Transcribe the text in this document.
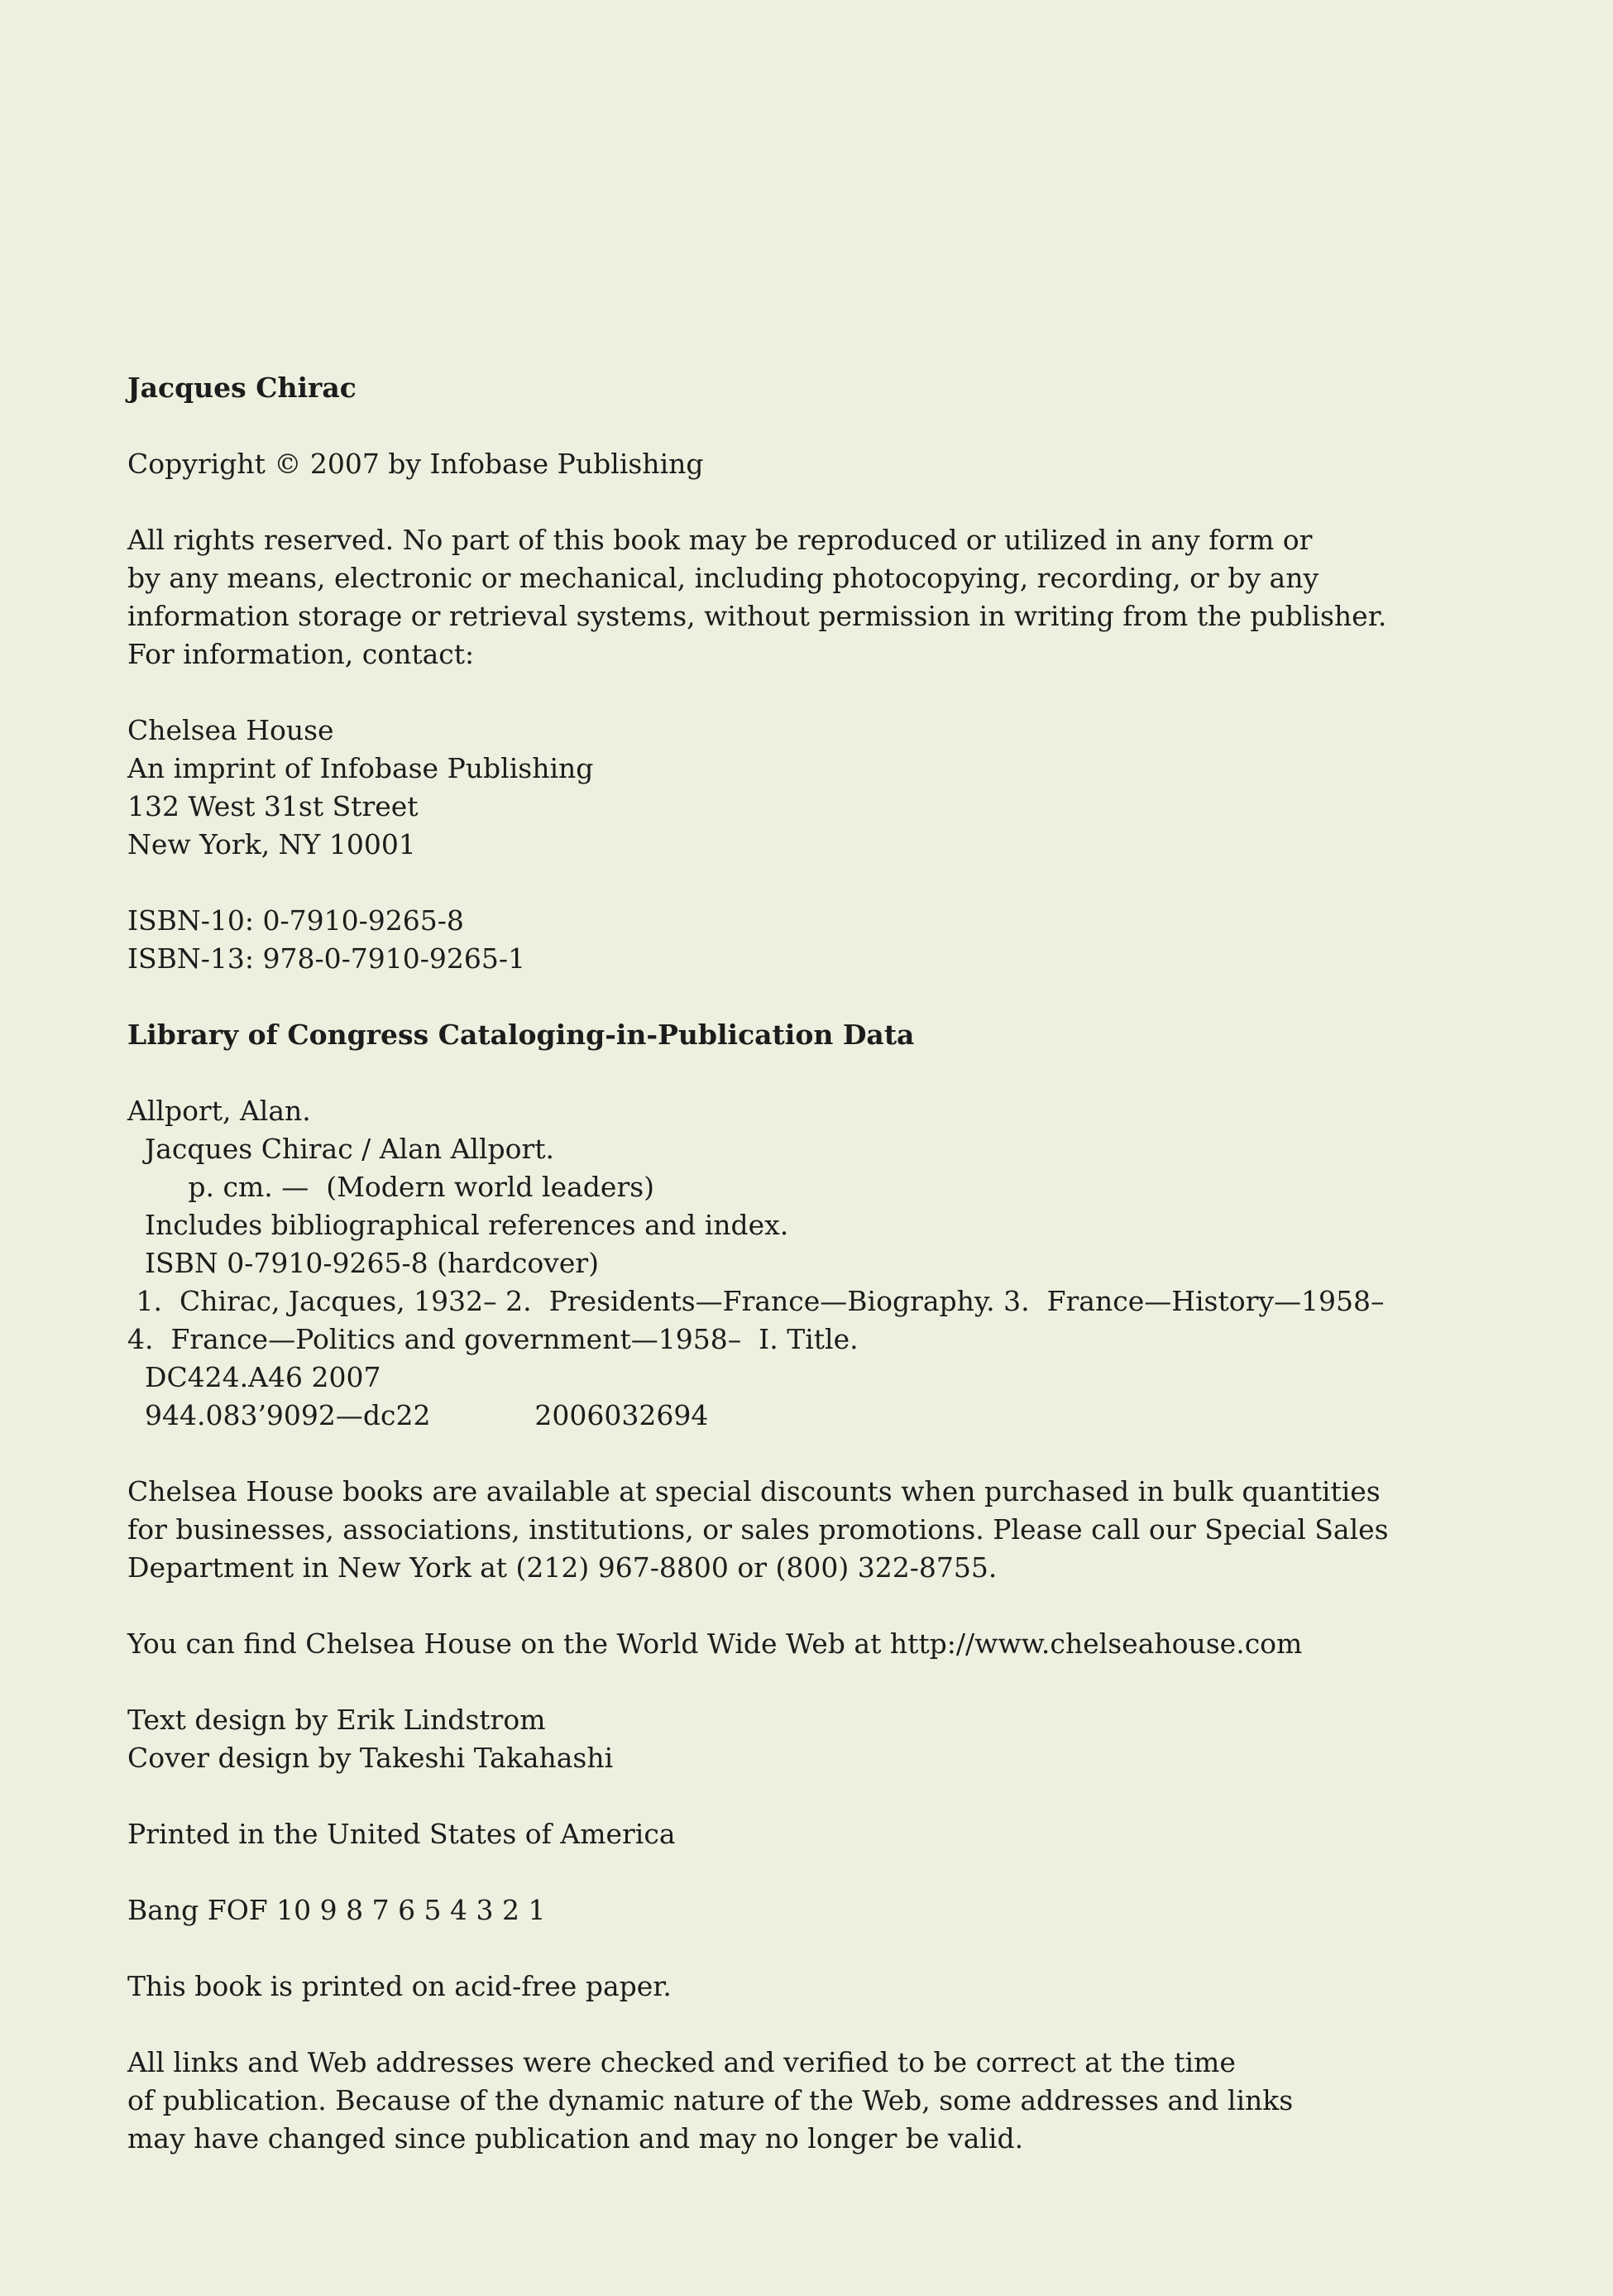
Jacques Chirac
Copyright © 2007 by Infobase Publishing
All rights reserved. No part of this book may be reproduced or utilized in any form or
by any means, electronic or mechanical, including photocopying, recording, or by any
information storage or retrieval systems, without permission in writing from the publisher.
For information, contact:
Chelsea House
An imprint of Infobase Publishing
132 West 31st Street
New York, NY 10001
ISBN-10: 0-7910-9265-8
ISBN-13: 978-0-7910-9265-1
Library of Congress Cataloging-in-Publication Data
Allport, Alan.
Jacques Chirac / Alan Allport.
p. cm. —  (Modern world leaders)
Includes bibliographical references and index.
ISBN 0-7910-9265-8 (hardcover)
1.  Chirac, Jacques, 1932– 2.  Presidents—France—Biography. 3.  France—History—1958–
4.  France—Politics and government—1958–  I. Title.
DC424.A46 2007
944.083’9092—dc22            2006032694
Chelsea House books are available at special discounts when purchased in bulk quantities
for businesses, associations, institutions, or sales promotions. Please call our Special Sales
Department in New York at (212) 967-8800 or (800) 322-8755.
You can find Chelsea House on the World Wide Web at http://www.chelseahouse.com
Text design by Erik Lindstrom
Cover design by Takeshi Takahashi
Printed in the United States of America
Bang FOF 10 9 8 7 6 5 4 3 2 1
This book is printed on acid-free paper.
All links and Web addresses were checked and verified to be correct at the time
of publication. Because of the dynamic nature of the Web, some addresses and links
may have changed since publication and may no longer be valid.
